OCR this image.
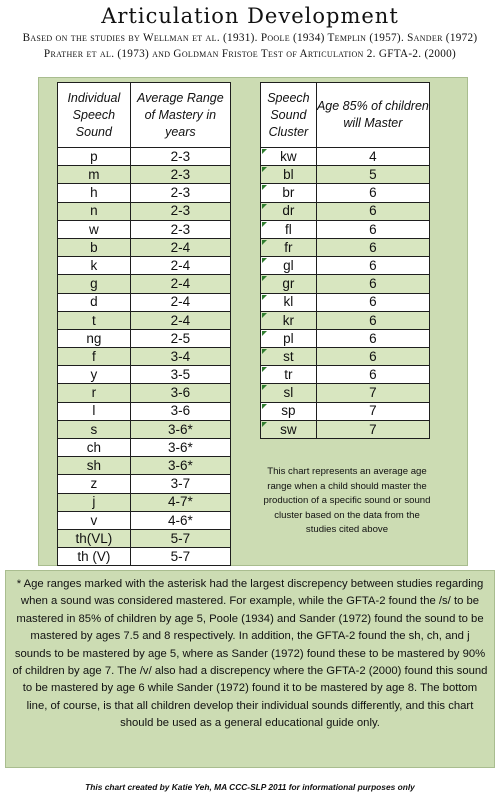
Articulation Development
Based on the studies by Wellman et al. (1931). Poole (1934) Templin (1957). Sander (1972) Prather et al. (1973) and Goldman Fristoe Test of Articulation 2. GFTA-2. (2000)
Individual Speech Sound	Average Range of Mastery in years
p	2-3
m	2-3
h	2-3
n	2-3
w	2-3
b	2-4
k	2-4
g	2-4
d	2-4
t	2-4
ng	2-5
f	3-4
y	3-5
r	3-6
l	3-6
s	3-6*
ch	3-6*
sh	3-6*
z	3-7
j	4-7*
v	4-6*
th(VL)	5-7
th (V)	5-7
Speech Sound Cluster	Age 85% of children will Master
kw	4
bl	5
br	6
dr	6
fl	6
fr	6
gl	6
gr	6
kl	6
kr	6
pl	6
st	6
tr	6
sl	7
sp	7
sw	7
This chart represents an average age range when a child should master the production of a specific sound or sound cluster based on the data from the studies cited above
* Age ranges marked with the asterisk had the largest discrepency between studies regarding when a sound was considered mastered. For example, while the GFTA-2 found the /s/ to be mastered in 85% of children by age 5, Poole (1934) and Sander (1972) found the sound to be mastered by ages 7.5 and 8 respectively. In addition, the GFTA-2 found the sh, ch, and j sounds to be mastered by age 5, where as Sander (1972) found these to be mastered by 90% of children by age 7. The /v/ also had a discrepency where the GFTA-2 (2000) found this sound to be mastered by age 6 while Sander (1972) found it to be mastered by age 8. The bottom line, of course, is that all children develop their individual sounds differently, and this chart should be used as a general educational guide only.
This chart created by Katie Yeh, MA CCC-SLP 2011 for informational purposes only
